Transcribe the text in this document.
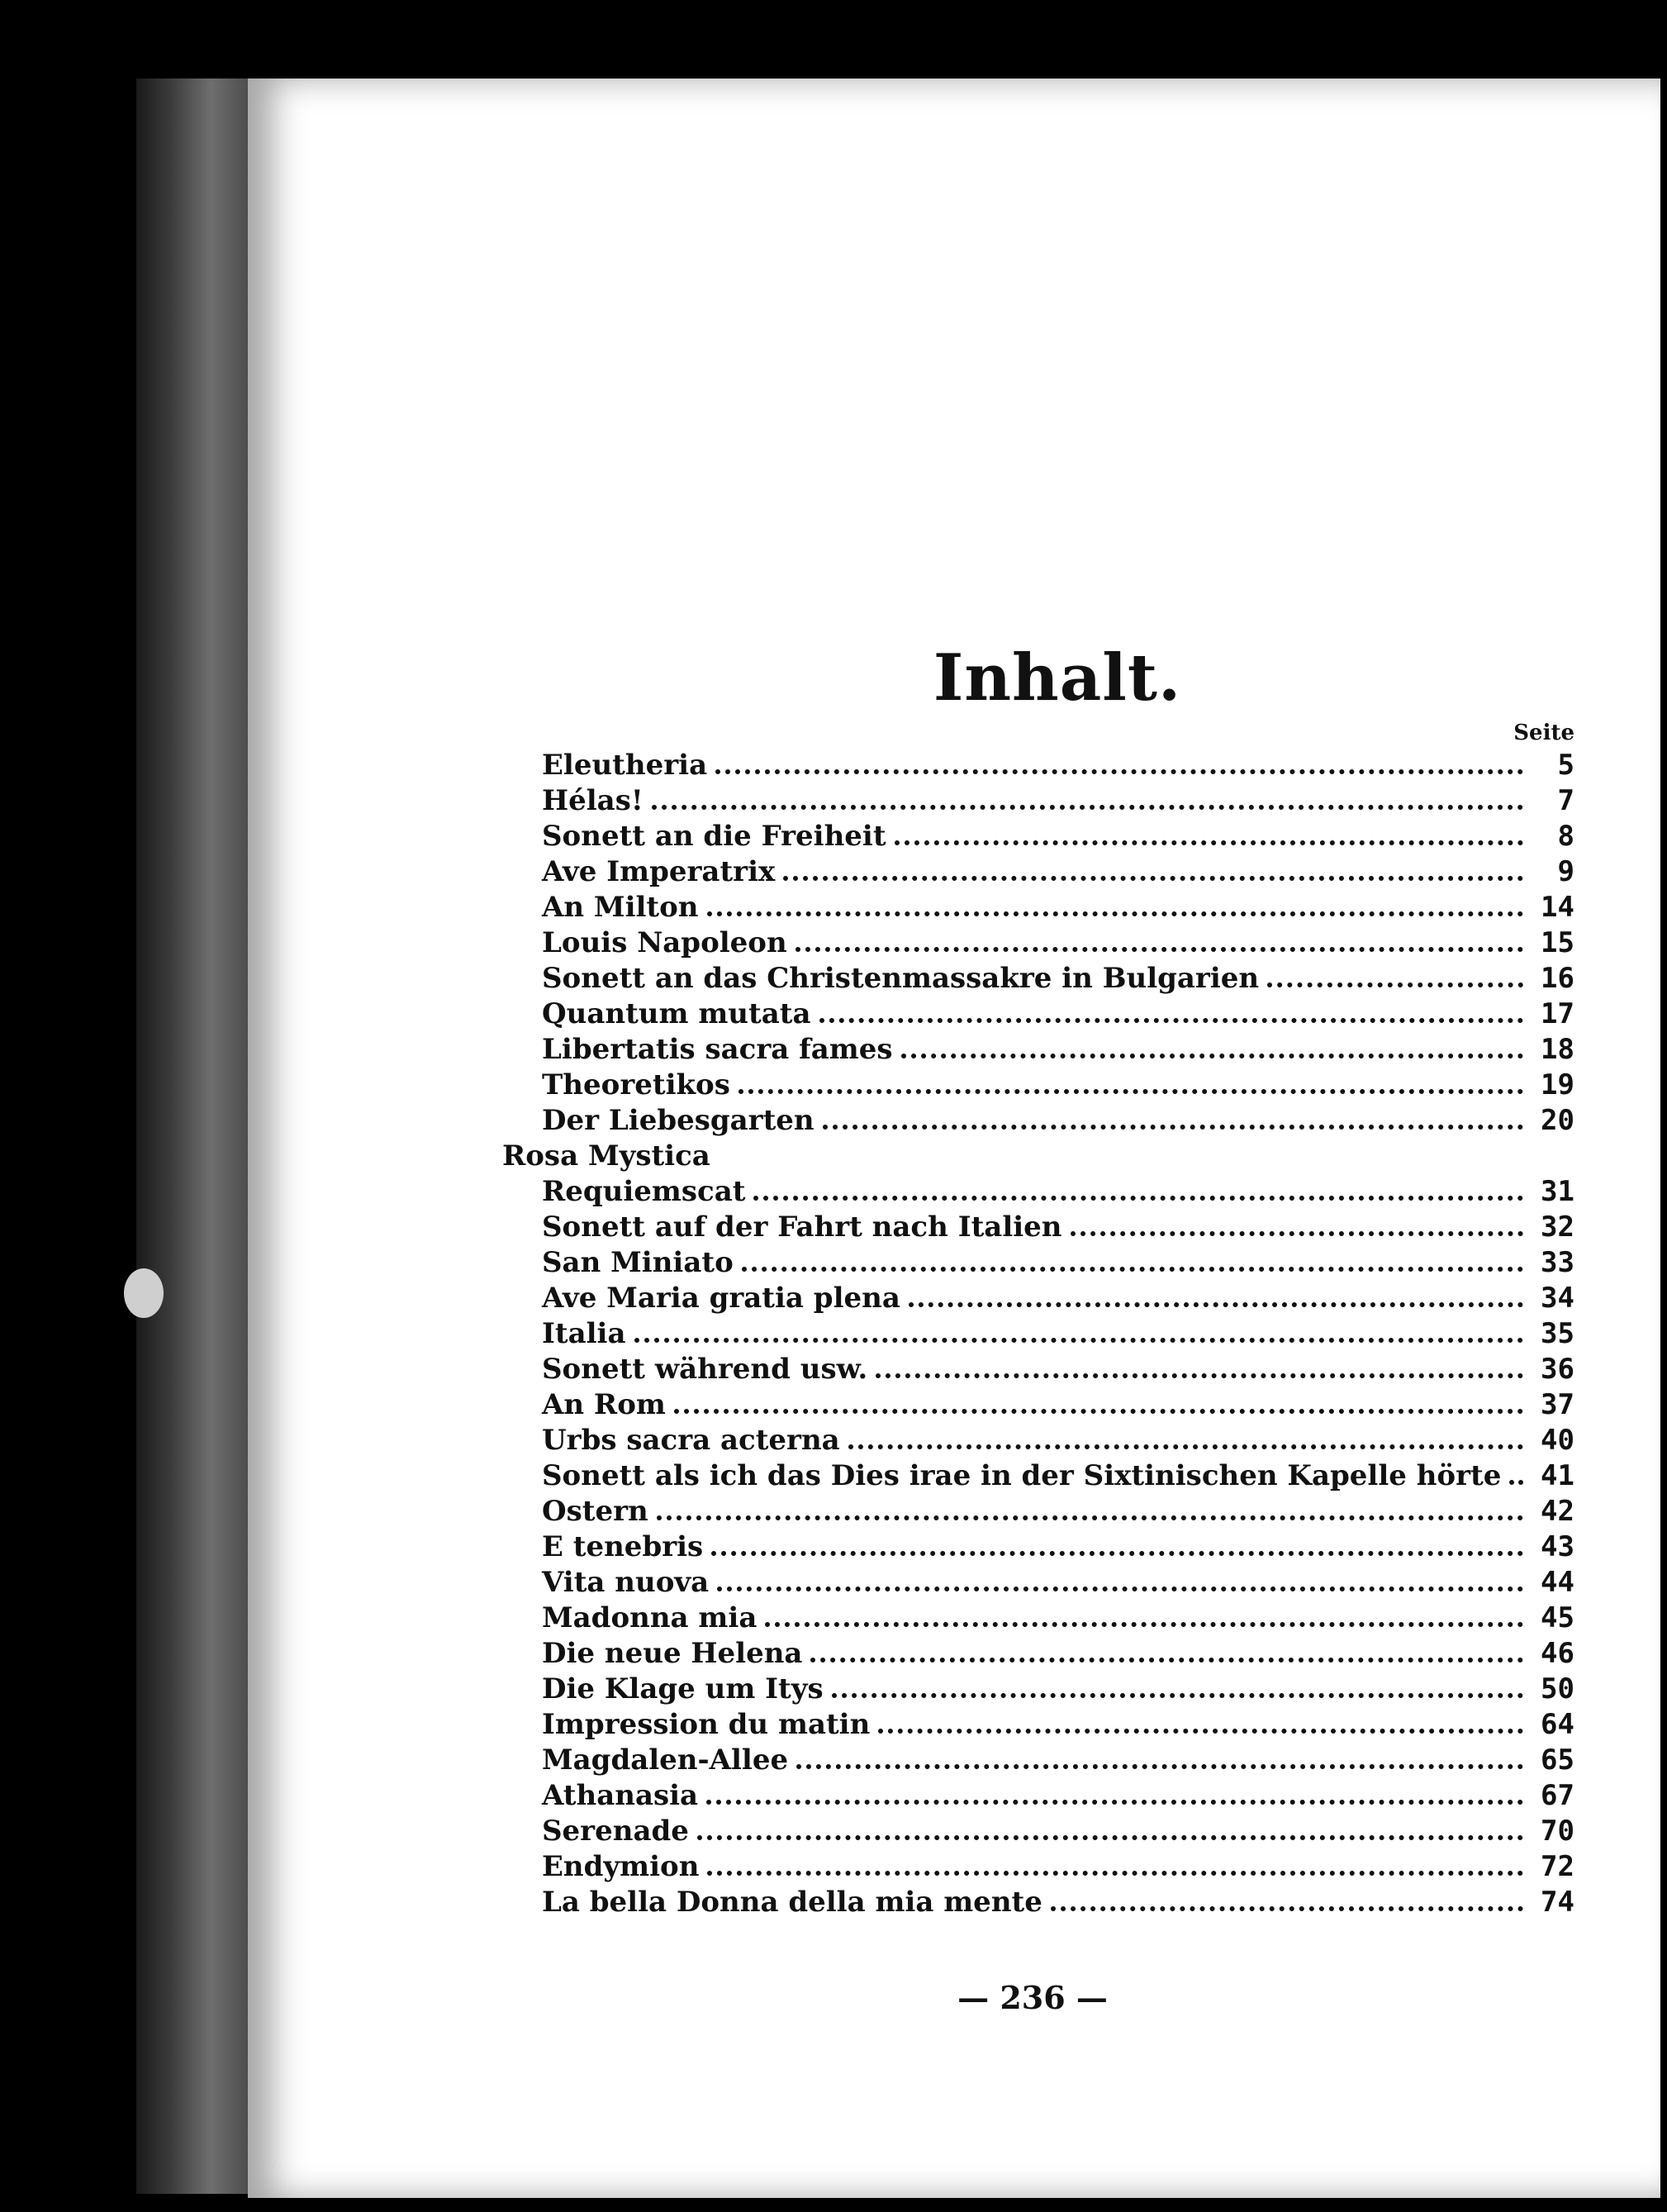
Inhalt.
Seite
Eleutheria	5
Hélas!	7
Sonett an die Freiheit	8
Ave Imperatrix	9
An Milton	14
Louis Napoleon	15
Sonett an das Christenmassakre in Bulgarien	16
Quantum mutata	17
Libertatis sacra fames	18
Theoretikos	19
Der Liebesgarten	20
Rosa Mystica
Requiemscat	31
Sonett auf der Fahrt nach Italien	32
San Miniato	33
Ave Maria gratia plena	34
Italia	35
Sonett während usw.	36
An Rom	37
Urbs sacra acterna	40
Sonett als ich das Dies irae in der Sixtinischen Kapelle hörte	41
Ostern	42
E tenebris	43
Vita nuova	44
Madonna mia	45
Die neue Helena	46
Die Klage um Itys	50
Impression du matin	64
Magdalen-Allee	65
Athanasia	67
Serenade	70
Endymion	72
La bella Donna della mia mente	74
— 236 —
